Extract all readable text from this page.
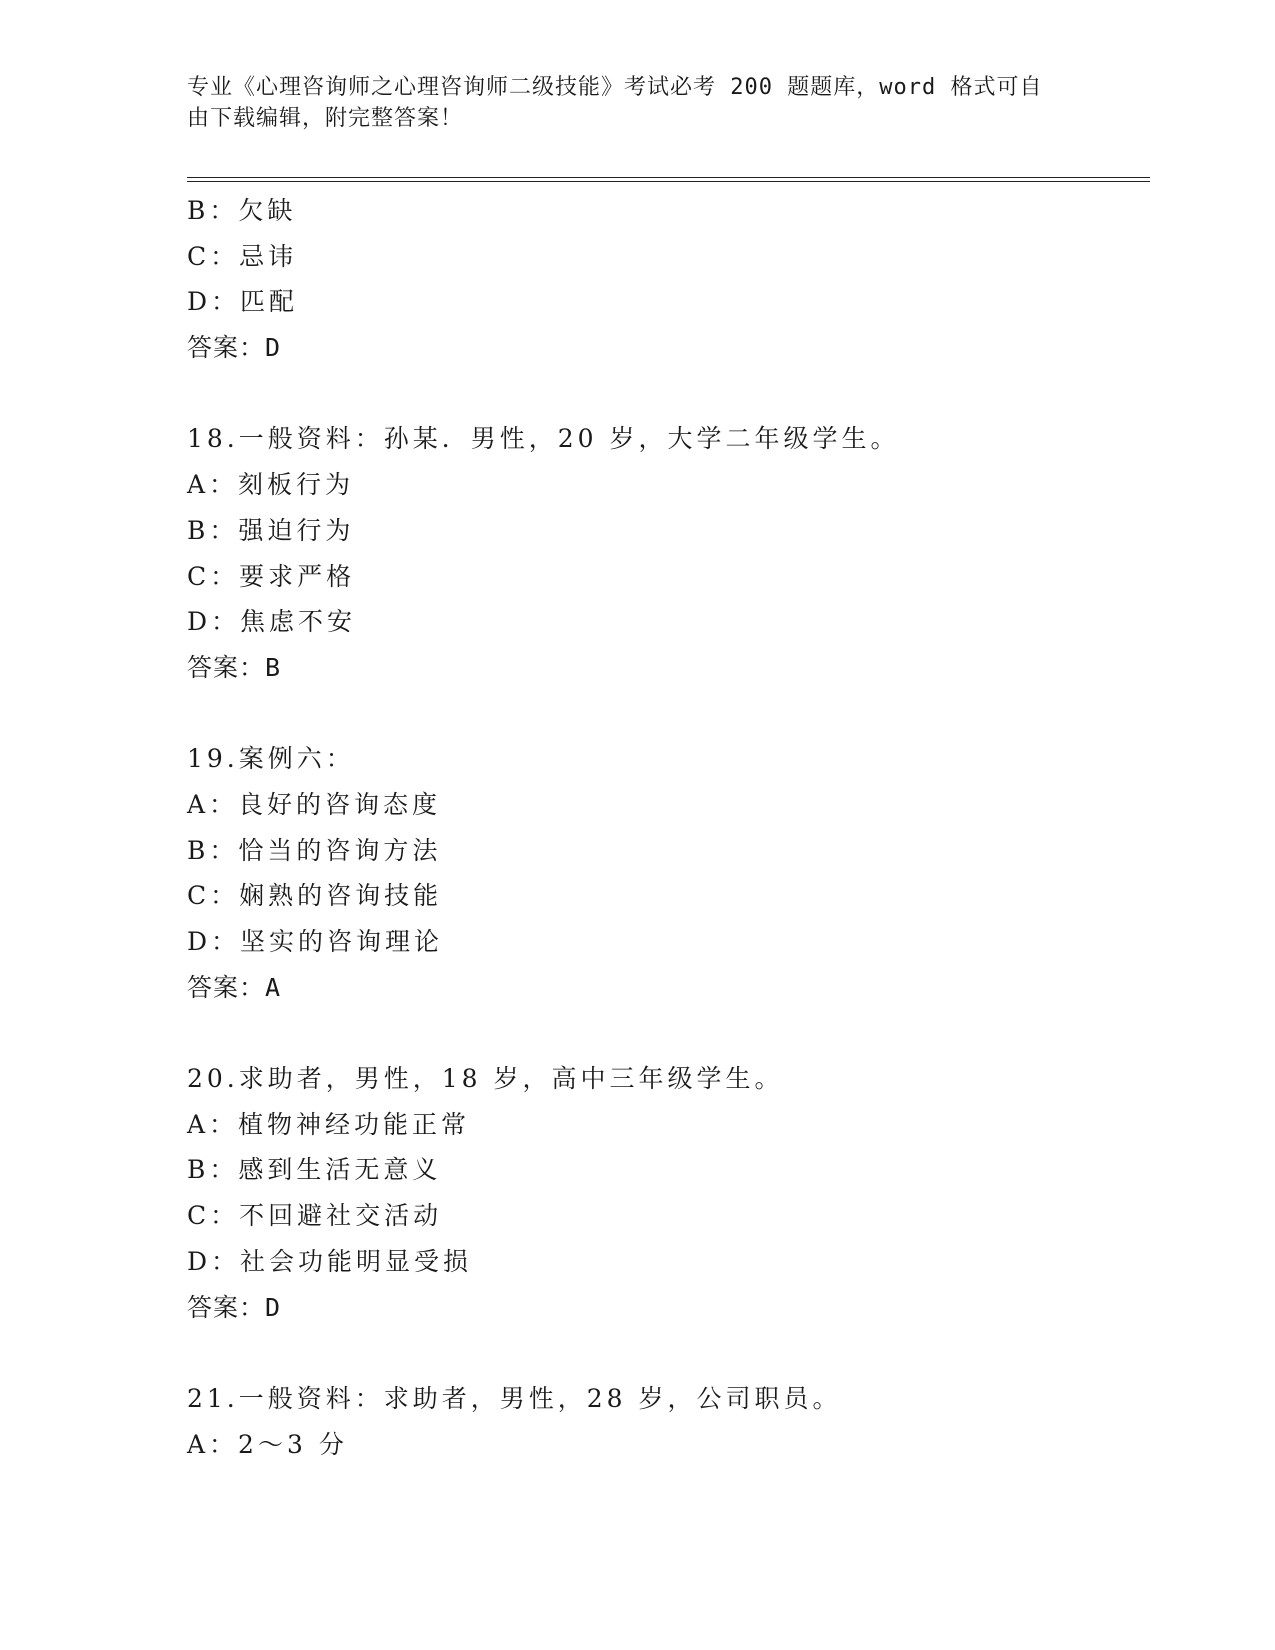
专业《心理咨询师之心理咨询师二级技能》考试必考 200 题题库，word 格式可自
由下载编辑，附完整答案！
B：欠缺
C：忌讳
D：匹配
答案：D
18.一般资料：孙某．男性，20 岁，大学二年级学生。
A：刻板行为
B：强迫行为
C：要求严格
D：焦虑不安
答案：B
19.案例六：
A：良好的咨询态度
B：恰当的咨询方法
C：娴熟的咨询技能
D：坚实的咨询理论
答案：A
20.求助者，男性，18 岁，高中三年级学生。
A：植物神经功能正常
B：感到生活无意义
C：不回避社交活动
D：社会功能明显受损
答案：D
21.一般资料：求助者，男性，28 岁，公司职员。
A：2～3 分
